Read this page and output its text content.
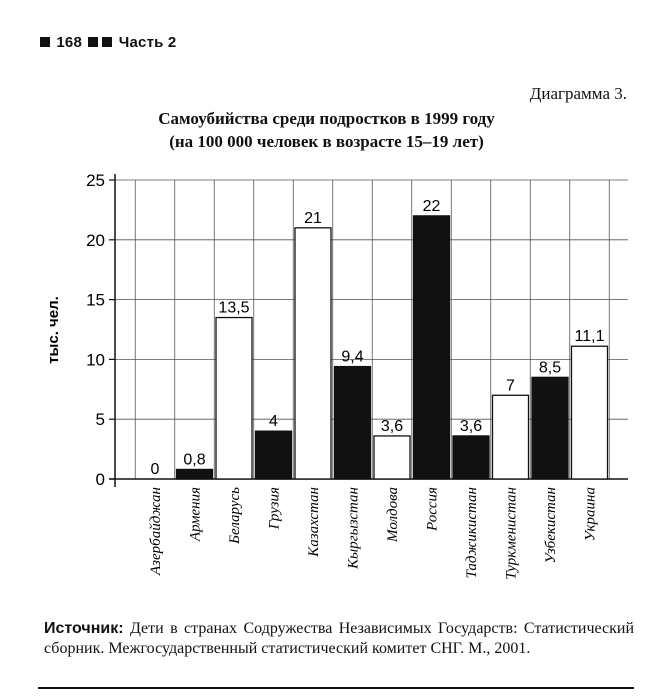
168 Часть 2
Диаграмма 3.
Самоубийства среди подростков в 1999 году
(на 100 000 человек в возрасте 15–19 лет)
0
5
10
15
20
25
тыс. чел.
0
Азербайджан
0,8
Армения
13,5
Беларусь
4
Грузия
21
Казахстан
9,4
Кыргызстан
3,6
Молдова
22
Россия
3,6
Таджикистан
7
Туркменистан
8,5
Узбекистан
11,1
Украина
Источник: Дети в странах Содружества Независимых Государств: Статистический сборник. Межгосударственный статистический комитет СНГ. М., 2001.
